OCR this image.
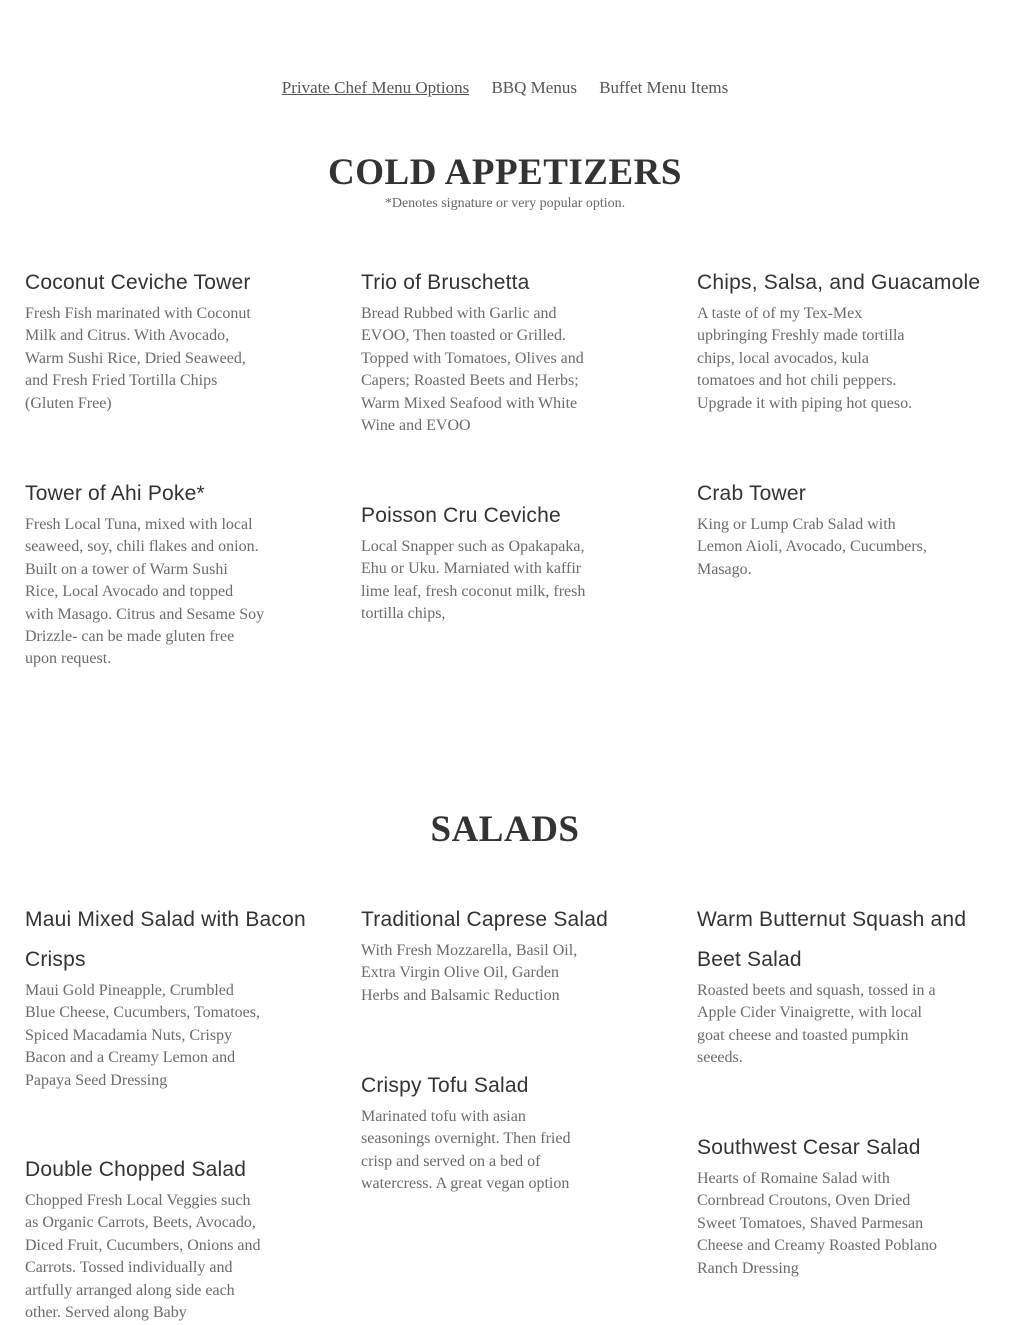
Private Chef Menu Options BBQ Menus Buffet Menu Items
COLD APPETIZERS
*Denotes signature or very popular option.
Coconut Ceviche Tower

Fresh Fish marinated with Coconut Milk and Citrus. With Avocado, Warm Sushi Rice, Dried Seaweed, and Fresh Fried Tortilla Chips (Gluten Free)

Trio of Bruschetta

Bread Rubbed with Garlic and EVOO, Then toasted or Grilled. Topped with Tomatoes, Olives and Capers; Roasted Beets and Herbs; Warm Mixed Seafood with White Wine and EVOO

Chips, Salsa, and Guacamole

A taste of of my Tex-Mex upbringing Freshly made tortilla chips, local avocados, kula tomatoes and hot chili peppers. Upgrade it with piping hot queso.

Tower of Ahi Poke*

Fresh Local Tuna, mixed with local seaweed, soy, chili flakes and onion. Built on a tower of Warm Sushi Rice, Local Avocado and topped with Masago. Citrus and Sesame Soy Drizzle- can be made gluten free upon request.

Poisson Cru Ceviche

Local Snapper such as Opakapaka, Ehu or Uku. Marniated with kaffir lime leaf, fresh coconut milk, fresh tortilla chips,

Crab Tower

King or Lump Crab Salad with Lemon Aioli, Avocado, Cucumbers, Masago.

SALADS
Maui Mixed Salad with Bacon Crisps

Maui Gold Pineapple, Crumbled Blue Cheese, Cucumbers, Tomatoes, Spiced Macadamia Nuts, Crispy Bacon and a Creamy Lemon and Papaya Seed Dressing

Traditional Caprese Salad

With Fresh Mozzarella, Basil Oil, Extra Virgin Olive Oil, Garden Herbs and Balsamic Reduction

Warm Butternut Squash and Beet Salad

Roasted beets and squash, tossed in a Apple Cider Vinaigrette, with local goat cheese and toasted pumpkin seeeds.

Double Chopped Salad

Chopped Fresh Local Veggies such as Organic Carrots, Beets, Avocado, Diced Fruit, Cucumbers, Onions and Carrots. Tossed individually and artfully arranged along side each other. Served along Baby

Crispy Tofu Salad

Marinated tofu with asian seasonings overnight. Then fried crisp and served on a bed of watercress. A great vegan option

Southwest Cesar Salad

Hearts of Romaine Salad with Cornbread Croutons, Oven Dried Sweet Tomatoes, Shaved Parmesan Cheese and Creamy Roasted Poblano Ranch Dressing
